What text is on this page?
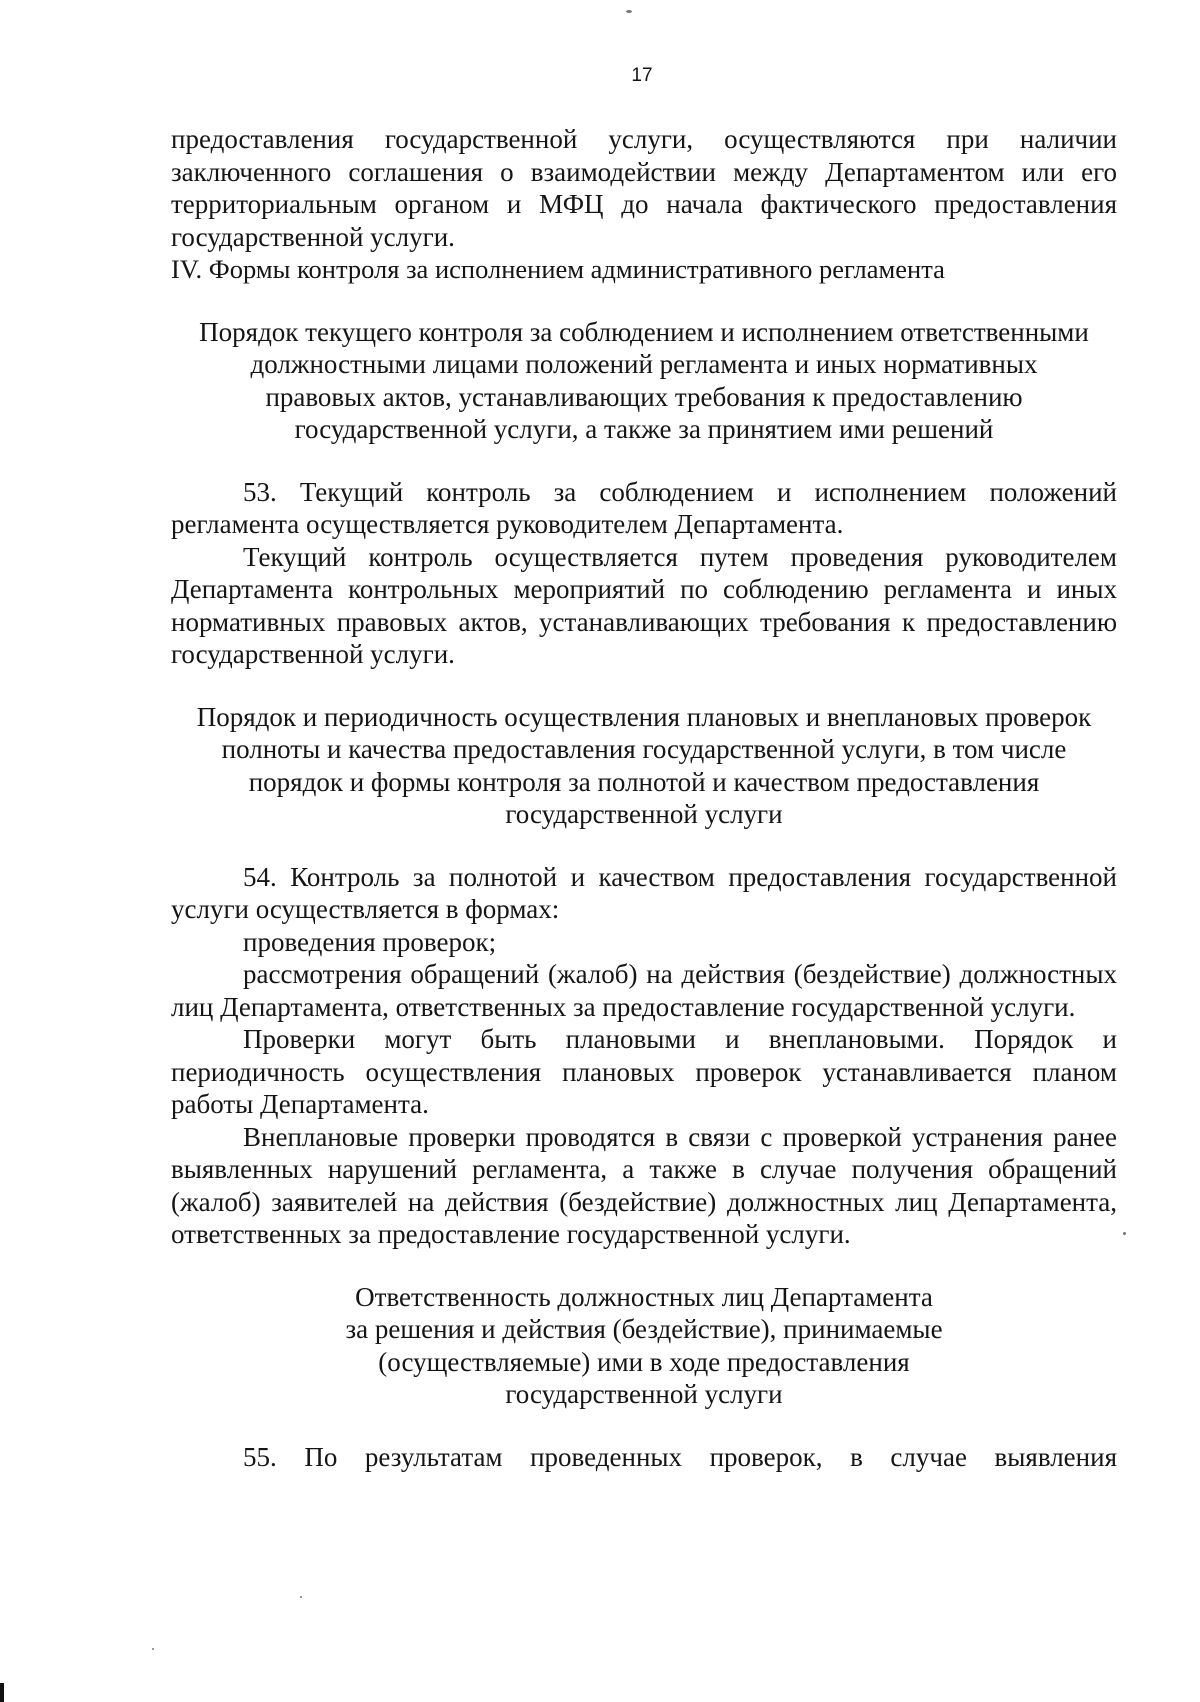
17

предоставления государственной услуги, осуществляются при наличии заключенного соглашения о взаимодействии между Департаментом или его территориальным органом и МФЦ до начала фактического предоставления государственной услуги.

IV. Формы контроля за исполнением административного регламента

Порядок текущего контроля за соблюдением и исполнением ответственными
должностными лицами положений регламента и иных нормативных
правовых актов, устанавливающих требования к предоставлению
государственной услуги, а также за принятием ими решений

53. Текущий контроль за соблюдением и исполнением положений регламента осуществляется руководителем Департамента.

Текущий контроль осуществляется путем проведения руководителем Департамента контрольных мероприятий по соблюдению регламента и иных нормативных правовых актов, устанавливающих требования к предоставлению государственной услуги.

Порядок и периодичность осуществления плановых и внеплановых проверок
полноты и качества предоставления государственной услуги, в том числе
порядок и формы контроля за полнотой и качеством предоставления
государственной услуги

54. Контроль за полнотой и качеством предоставления государственной услуги осуществляется в формах:

проведения проверок;

рассмотрения обращений (жалоб) на действия (бездействие) должностных лиц Департамента, ответственных за предоставление государственной услуги.

Проверки могут быть плановыми и внеплановыми. Порядок и периодичность осуществления плановых проверок устанавливается планом работы Департамента.

Внеплановые проверки проводятся в связи с проверкой устранения ранее выявленных нарушений регламента, а также в случае получения обращений (жалоб) заявителей на действия (бездействие) должностных лиц Департамента, ответственных за предоставление государственной услуги.

Ответственность должностных лиц Департамента
за решения и действия (бездействие), принимаемые
(осуществляемые) ими в ходе предоставления
государственной услуги

55. По результатам проведенных проверок, в случае выявления
